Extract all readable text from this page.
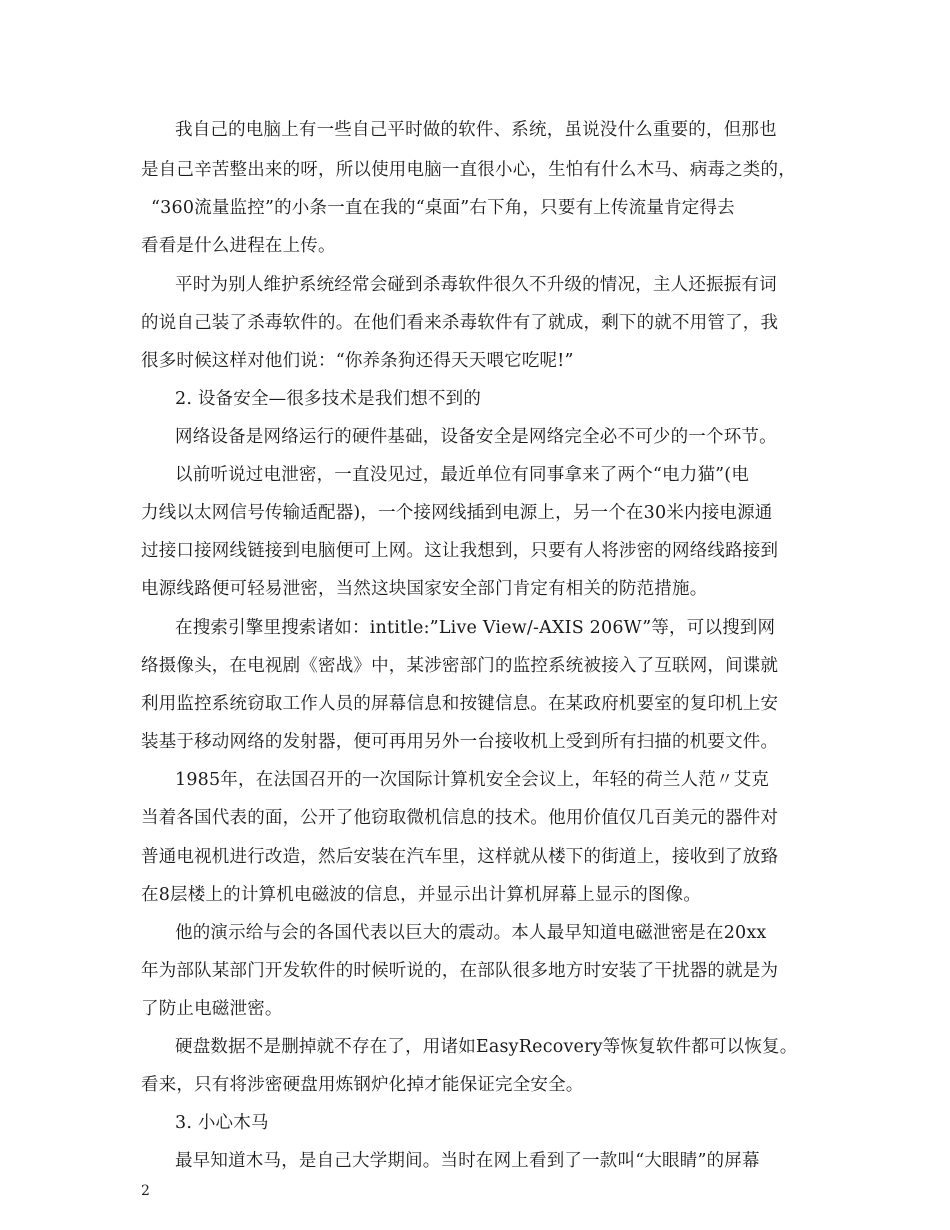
我自己的电脑上有一些自己平时做的软件、系统，虽说没什么重要的，但那也
是自己辛苦整出来的呀，所以使用电脑一直很小心，生怕有什么木马、病毒之类的，
“360流量监控”的小条一直在我的“桌面”右下角，只要有上传流量肯定得去
看看是什么进程在上传。
平时为别人维护系统经常会碰到杀毒软件很久不升级的情况，主人还振振有词
的说自己装了杀毒软件的。在他们看来杀毒软件有了就成，剩下的就不用管了，我
很多时候这样对他们说：“你养条狗还得天天喂它吃呢!”
2. 设备安全—很多技术是我们想不到的
网络设备是网络运行的硬件基础，设备安全是网络完全必不可少的一个环节。
以前听说过电泄密，一直没见过，最近单位有同事拿来了两个“电力猫”(电
力线以太网信号传输适配器)，一个接网线插到电源上，另一个在30米内接电源通
过接口接网线链接到电脑便可上网。这让我想到，只要有人将涉密的网络线路接到
电源线路便可轻易泄密，当然这块国家安全部门肯定有相关的防范措施。
在搜索引擎里搜索诸如：intitle:”Live View/-AXIS 206W”等，可以搜到网
络摄像头，在电视剧《密战》中，某涉密部门的监控系统被接入了互联网，间谍就
利用监控系统窃取工作人员的屏幕信息和按键信息。在某政府机要室的复印机上安
装基于移动网络的发射器，便可再用另外一台接收机上受到所有扫描的机要文件。
1985年，在法国召开的一次国际计算机安全会议上，年轻的荷兰人范〃艾克
当着各国代表的面，公开了他窃取微机信息的技术。他用价值仅几百美元的器件对
普通电视机进行改造，然后安装在汽车里，这样就从楼下的街道上，接收到了放臵
在8层楼上的计算机电磁波的信息，并显示出计算机屏幕上显示的图像。
他的演示给与会的各国代表以巨大的震动。本人最早知道电磁泄密是在20xx
年为部队某部门开发软件的时候听说的，在部队很多地方时安装了干扰器的就是为
了防止电磁泄密。
硬盘数据不是删掉就不存在了，用诸如EasyRecovery等恢复软件都可以恢复。
看来，只有将涉密硬盘用炼钢炉化掉才能保证完全安全。
3. 小心木马
最早知道木马，是自己大学期间。当时在网上看到了一款叫“大眼睛”的屏幕
2
